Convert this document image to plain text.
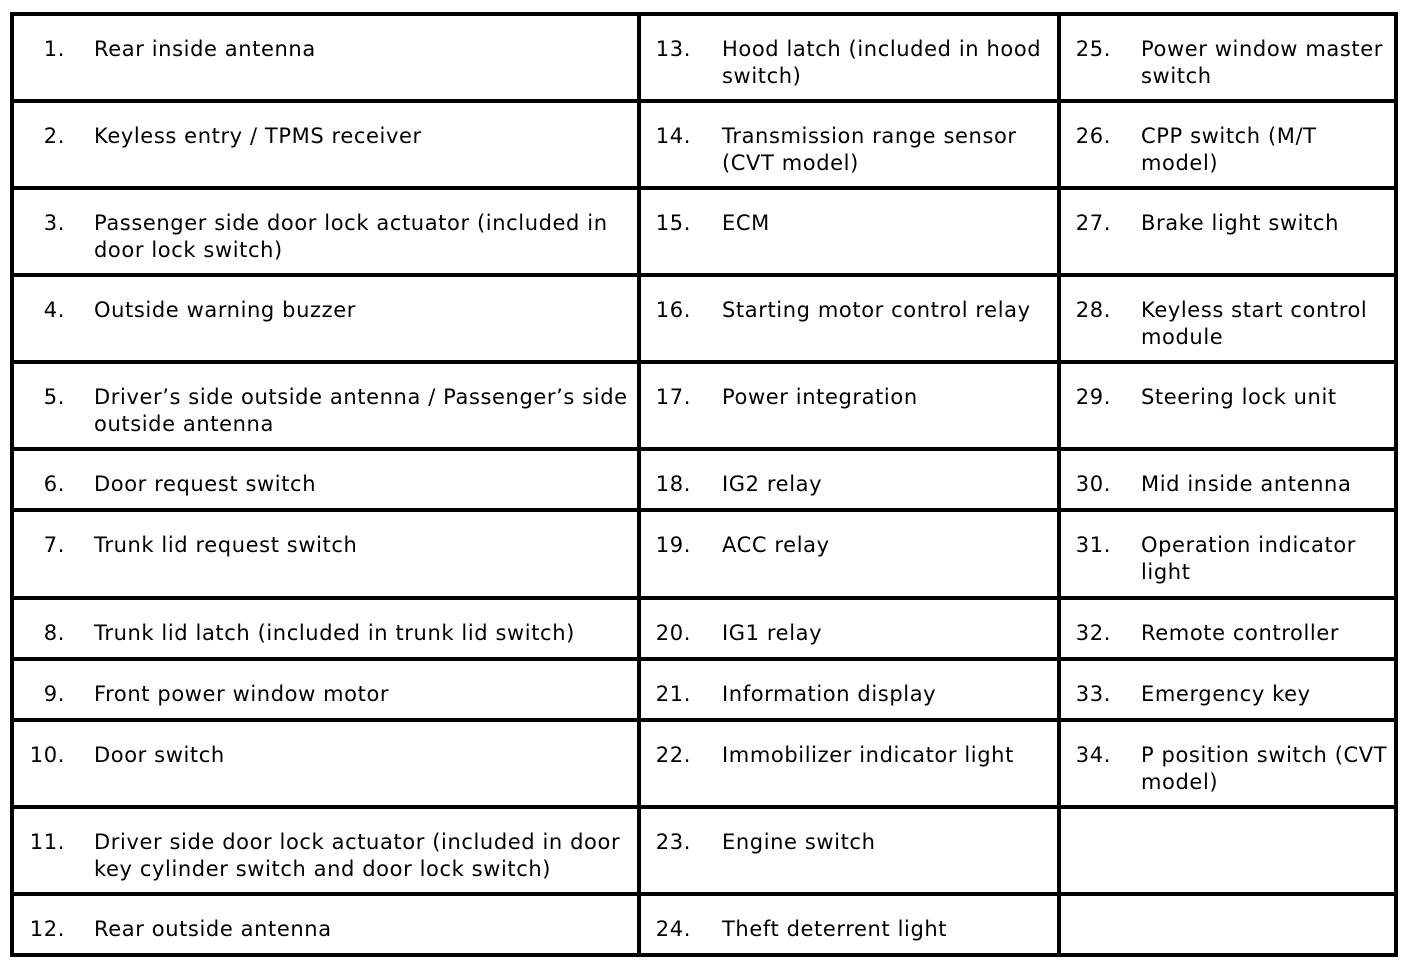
1. Rear inside antenna	13. Hood latch (included in hood switch)	25. Power window master switch

2. Keyless entry / TPMS receiver	14. Transmission range sensor (CVT model)	26. CPP switch (M/T model)

3. Passenger side door lock actuator (included in door lock switch)	15. ECM	27. Brake light switch

4. Outside warning buzzer	16. Starting motor control relay	28. Keyless start control module

5. Driver’s side outside antenna / Passenger’s side outside antenna	17. Power integration	29. Steering lock unit

6. Door request switch	18. IG2 relay	30. Mid inside antenna

7. Trunk lid request switch	19. ACC relay	31. Operation indicator light

8. Trunk lid latch (included in trunk lid switch)	20. IG1 relay	32. Remote controller

9. Front power window motor	21. Information display	33. Emergency key

10. Door switch	22. Immobilizer indicator light	34. P position switch (CVT model)

11. Driver side door lock actuator (included in door key cylinder switch and door lock switch)	23. Engine switch	

12. Rear outside antenna	24. Theft deterrent light	
